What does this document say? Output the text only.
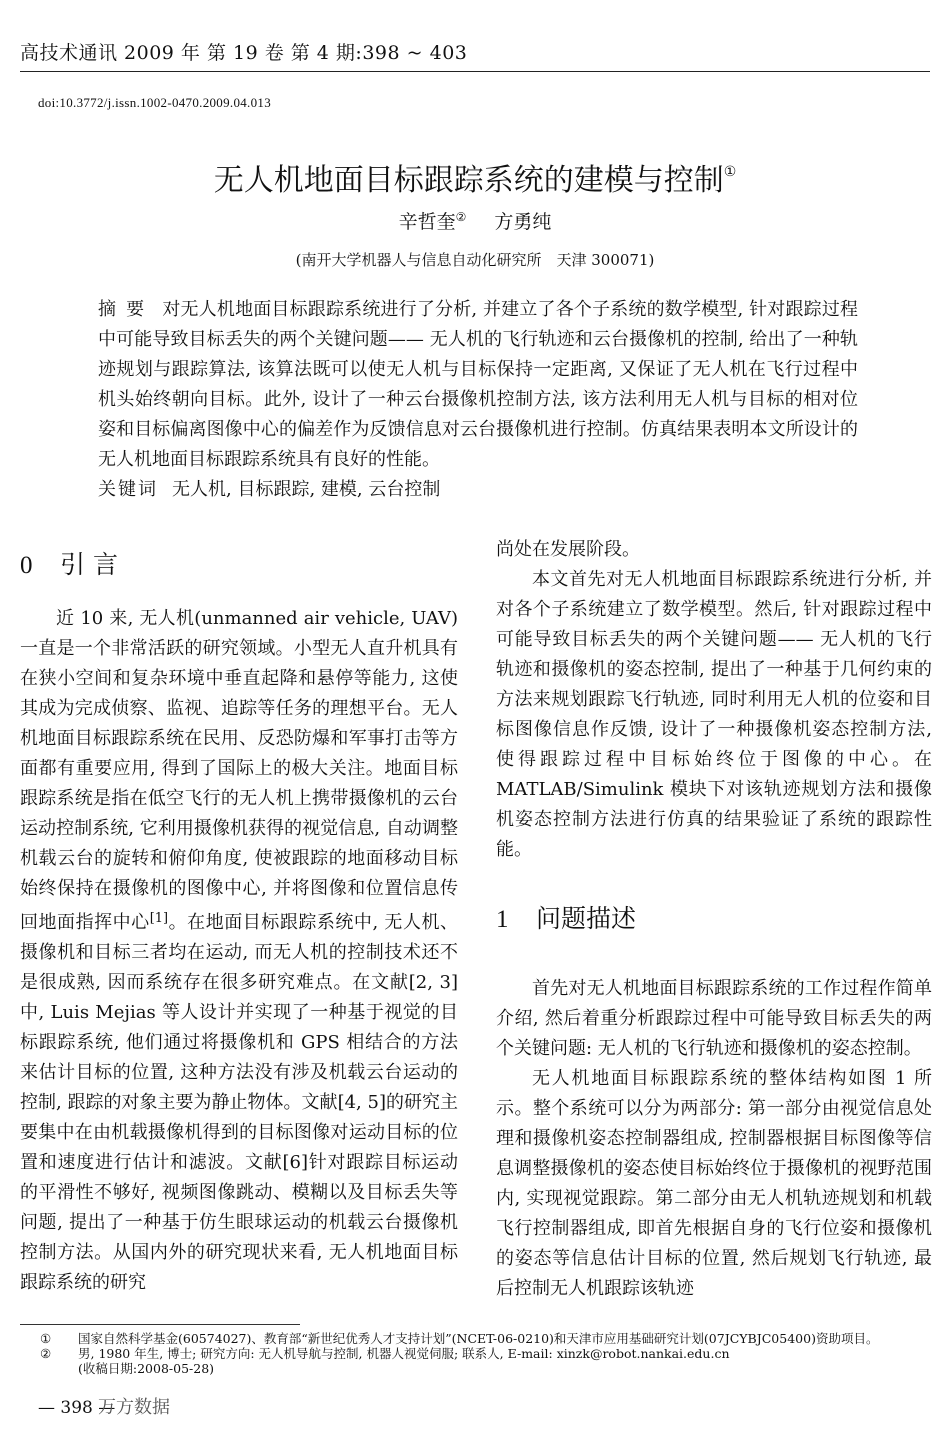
高技术通讯 2009 年 第 19 卷 第 4 期:398 ~ 403
doi:10.3772/j.issn.1002-0470.2009.04.013
无人机地面目标跟踪系统的建模与控制①
辛哲奎② 方勇纯
(南开大学机器人与信息自动化研究所　天津 300071)

摘要 对无人机地面目标跟踪系统进行了分析, 并建立了各个子系统的数学模型, 针对跟踪过程中可能导致目标丢失的两个关键问题—— 无人机的飞行轨迹和云台摄像机的控制, 给出了一种轨迹规划与跟踪算法, 该算法既可以使无人机与目标保持一定距离, 又保证了无人机在飞行过程中机头始终朝向目标。此外, 设计了一种云台摄像机控制方法, 该方法利用无人机与目标的相对位姿和目标偏离图像中心的偏差作为反馈信息对云台摄像机进行控制。仿真结果表明本文所设计的无人机地面目标跟踪系统具有良好的性能。

关键词 无人机, 目标跟踪, 建模, 云台控制

0 引 言

近 10 来, 无人机(unmanned air vehicle, UAV)一直是一个非常活跃的研究领域。小型无人直升机具有在狭小空间和复杂环境中垂直起降和悬停等能力, 这使其成为完成侦察、监视、追踪等任务的理想平台。无人机地面目标跟踪系统在民用、反恐防爆和军事打击等方面都有重要应用, 得到了国际上的极大关注。地面目标跟踪系统是指在低空飞行的无人机上携带摄像机的云台运动控制系统, 它利用摄像机获得的视觉信息, 自动调整机载云台的旋转和俯仰角度, 使被跟踪的地面移动目标始终保持在摄像机的图像中心, 并将图像和位置信息传回地面指挥中心[1]。在地面目标跟踪系统中, 无人机、摄像机和目标三者均在运动, 而无人机的控制技术还不是很成熟, 因而系统存在很多研究难点。在文献[2, 3]中, Luis Mejias 等人设计并实现了一种基于视觉的目标跟踪系统, 他们通过将摄像机和 GPS 相结合的方法来估计目标的位置, 这种方法没有涉及机载云台运动的控制, 跟踪的对象主要为静止物体。文献[4, 5]的研究主要集中在由机载摄像机得到的目标图像对运动目标的位置和速度进行估计和滤波。文献[6]针对跟踪目标运动的平滑性不够好, 视频图像跳动、模糊以及目标丢失等问题, 提出了一种基于仿生眼球运动的机载云台摄像机控制方法。从国内外的研究现状来看, 无人机地面目标跟踪系统的研究

尚处在发展阶段。

本文首先对无人机地面目标跟踪系统进行分析, 并对各个子系统建立了数学模型。然后, 针对跟踪过程中可能导致目标丢失的两个关键问题—— 无人机的飞行轨迹和摄像机的姿态控制, 提出了一种基于几何约束的方法来规划跟踪飞行轨迹, 同时利用无人机的位姿和目标图像信息作反馈, 设计了一种摄像机姿态控制方法, 使得跟踪过程中目标始终位于图像的中心。在 MATLAB/Simulink 模块下对该轨迹规划方法和摄像机姿态控制方法进行仿真的结果验证了系统的跟踪性能。

1 问题描述

首先对无人机地面目标跟踪系统的工作过程作简单介绍, 然后着重分析跟踪过程中可能导致目标丢失的两个关键问题: 无人机的飞行轨迹和摄像机的姿态控制。

无人机地面目标跟踪系统的整体结构如图 1 所示。整个系统可以分为两部分: 第一部分由视觉信息处理和摄像机姿态控制器组成, 控制器根据目标图像等信息调整摄像机的姿态使目标始终位于摄像机的视野范围内, 实现视觉跟踪。第二部分由无人机轨迹规划和机载飞行控制器组成, 即首先根据自身的飞行位姿和摄像机的姿态等信息估计目标的位置, 然后规划飞行轨迹, 最后控制无人机跟踪该轨迹

①	国家自然科学基金(60574027)、教育部“新世纪优秀人才支持计划”(NCET-06-0210)和天津市应用基础研究计划(07JCYBJC05400)资助项目。
②	男, 1980 年生, 博士; 研究方向: 无人机导航与控制, 机器人视觉伺服; 联系人, E-mail: xinzk@robot.nankai.edu.cn
(收稿日期:2008-05-28)
— 398 —
万方数据
